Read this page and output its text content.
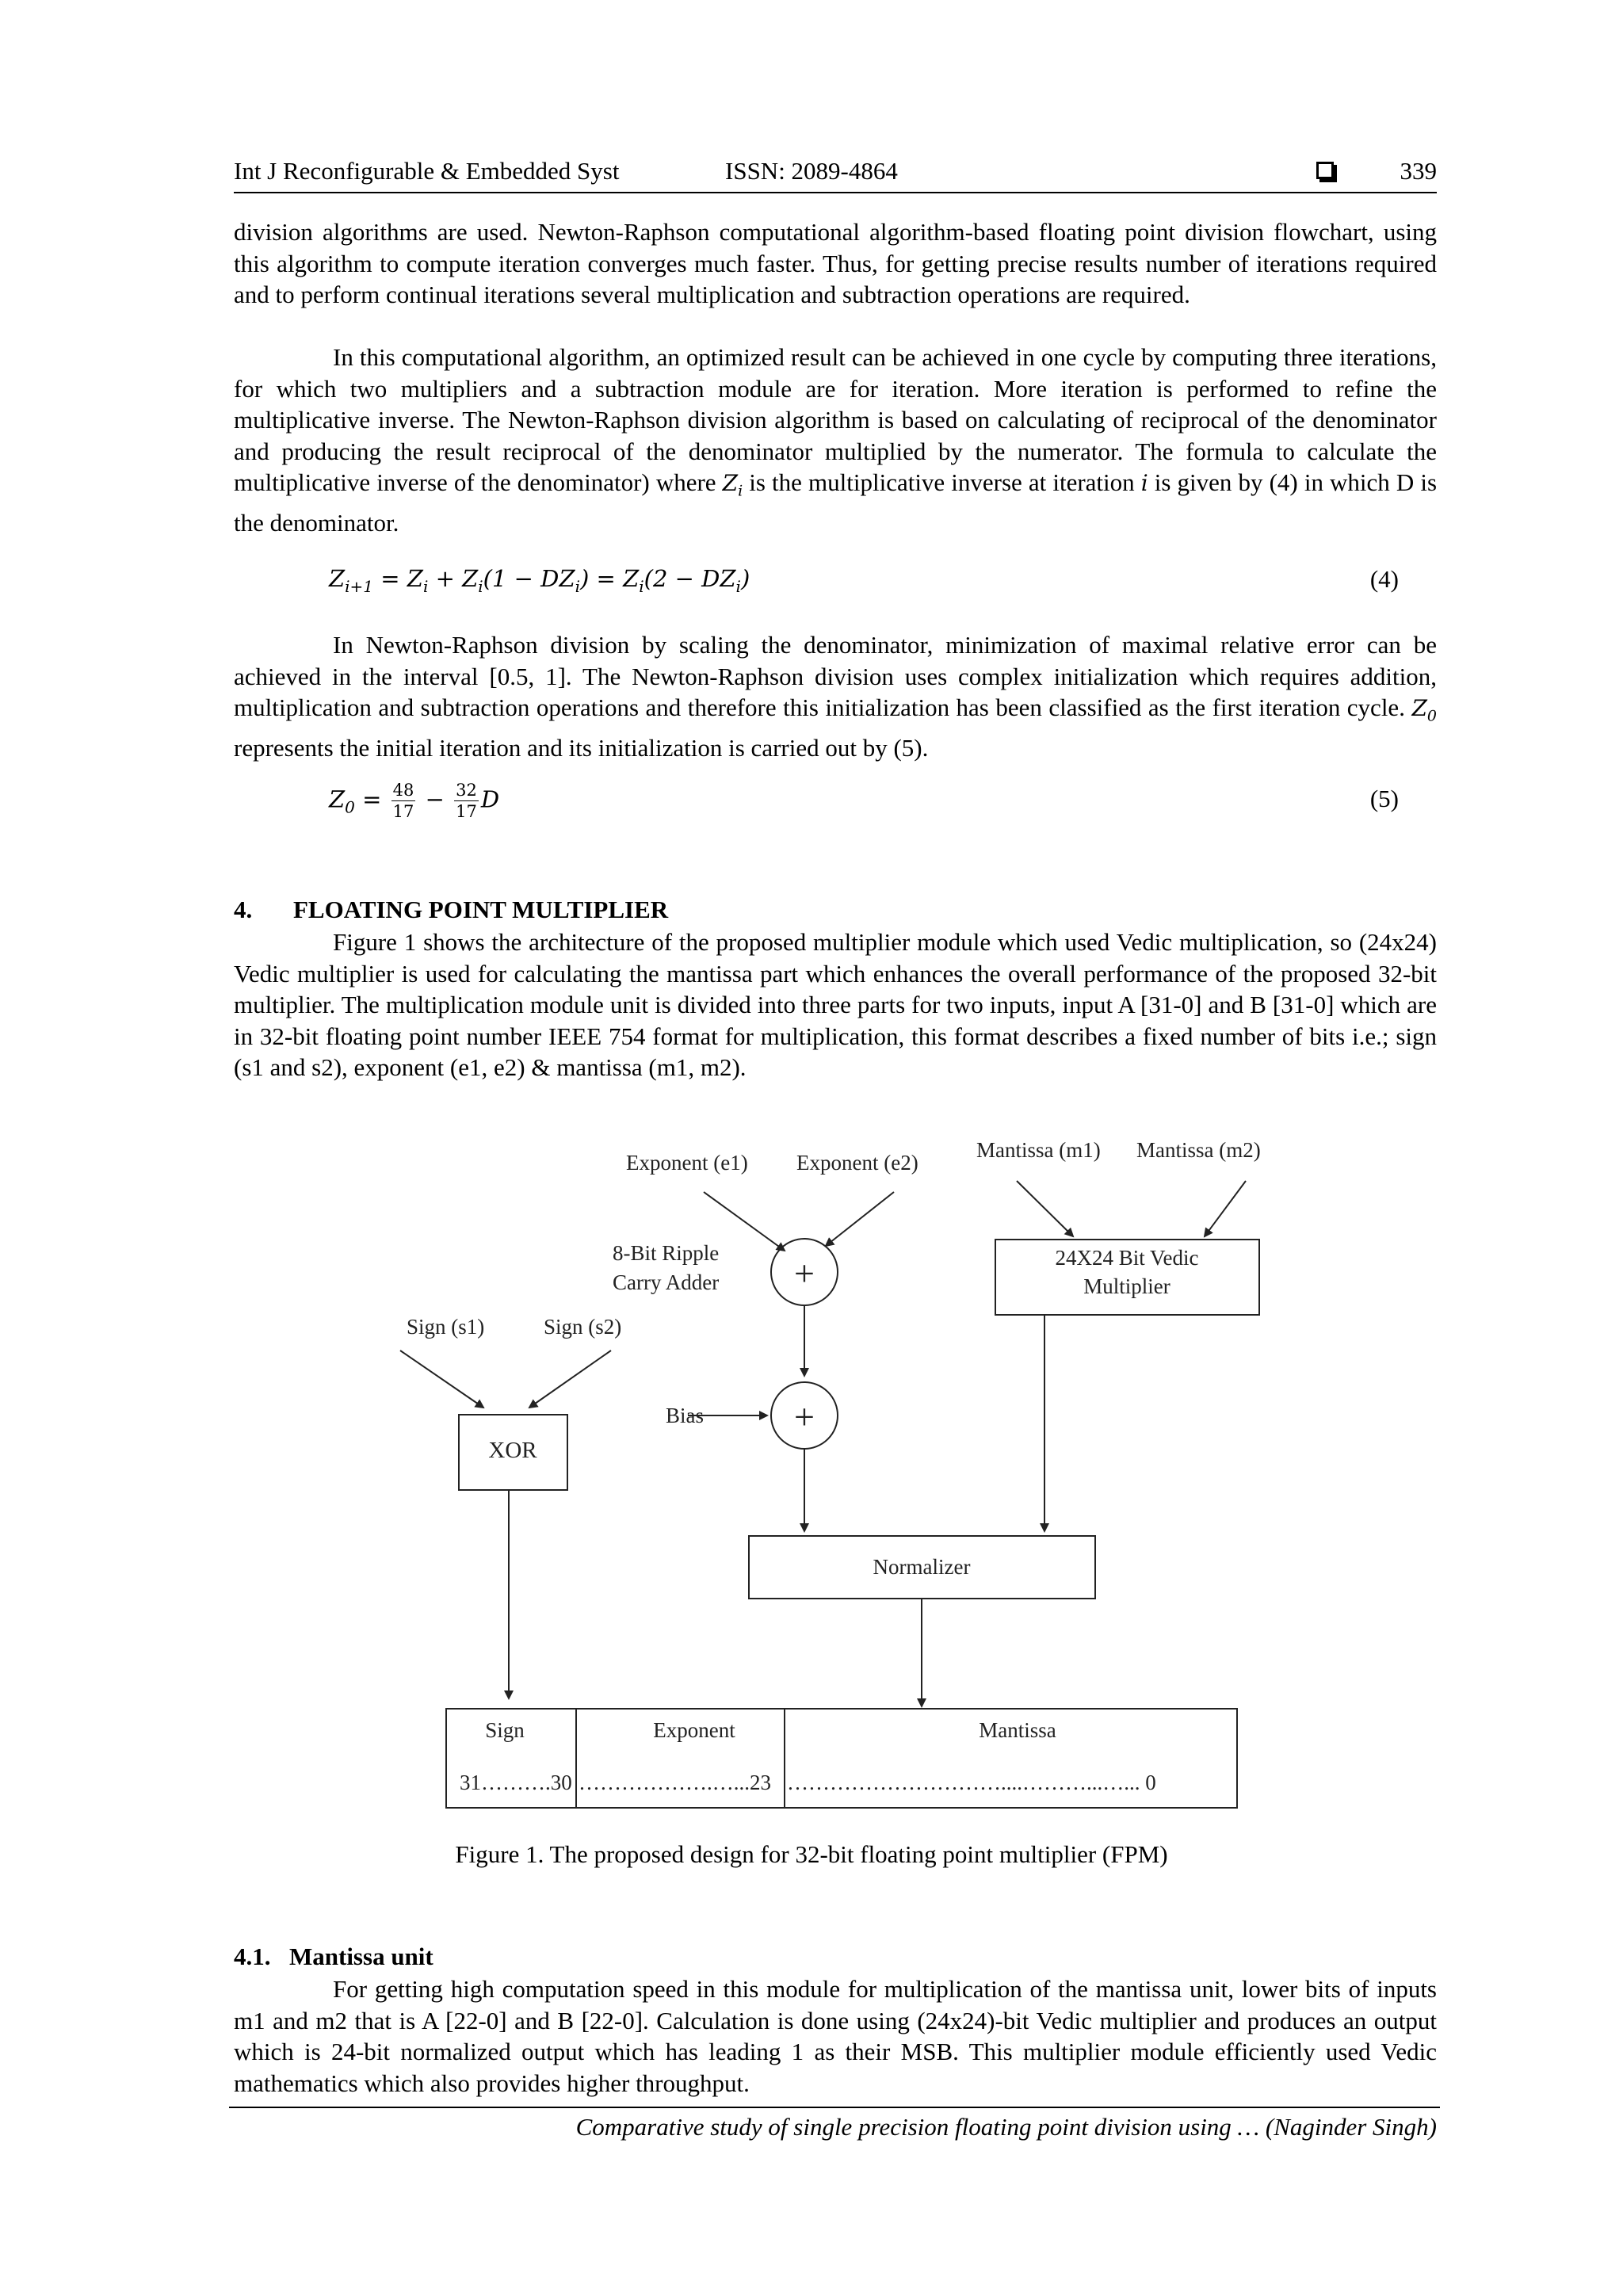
Int J Reconfigurable & Embedded Syst	ISSN: 2089-4864	339

division algorithms are used. Newton-Raphson computational algorithm-based floating point division flowchart, using this algorithm to compute iteration converges much faster. Thus, for getting precise results number of iterations required and to perform continual iterations several multiplication and subtraction operations are required.

In this computational algorithm, an optimized result can be achieved in one cycle by computing three iterations, for which two multipliers and a subtraction module are for iteration. More iteration is performed to refine the multiplicative inverse. The Newton-Raphson division algorithm is based on calculating of reciprocal of the denominator and producing the result reciprocal of the denominator multiplied by the numerator. The formula to calculate the multiplicative inverse of the denominator) where $Z_i$ is the multiplicative inverse at iteration i is given by (4) in which D is the denominator.

$Z_{i+1} = Z_i + Z_i(1 - DZ_i) = Z_i(2 - DZ_i)$	(4)

In Newton-Raphson division by scaling the denominator, minimization of maximal relative error can be achieved in the interval [0.5, 1]. The Newton-Raphson division uses complex initialization which requires addition, multiplication and subtraction operations and therefore this initialization has been classified as the first iteration cycle. $Z_0$ represents the initial iteration and its initialization is carried out by (5).

$Z_0 = \frac{48}{17} - \frac{32}{17}$ D	(5)
4. FLOATING POINT MULTIPLIER

Figure 1 shows the architecture of the proposed multiplier module which used Vedic multiplication, so (24x24) Vedic multiplier is used for calculating the mantissa part which enhances the overall performance of the proposed 32-bit multiplier. The multiplication module unit is divided into three parts for two inputs, input A [31-0] and B [31-0] which are in 32-bit floating point number IEEE 754 format for multiplication, this format describes a fixed number of bits i.e.; sign (s1 and s2), exponent (e1, e2) & mantissa (m1, m2).

Exponent (e1) Exponent (e2)
Mantissa (m1) Mantissa (m2)
8-Bit Ripple
Carry Adder +
+
24X24 Bit Vedic
Multiplier
Sign (s1)	Sign (s2)
Bias
XOR
Normalizer
Sign	Exponent	Mantissa
31……….30 ……………….…...23 …………………………....………...…... 0
Figure 1. The proposed design for 32-bit floating point multiplier (FPM)
4.1. Mantissa unit

For getting high computation speed in this module for multiplication of the mantissa unit, lower bits of inputs m1 and m2 that is A [22-0] and B [22-0]. Calculation is done using (24x24)-bit Vedic multiplier and produces an output which is 24-bit normalized output which has leading 1 as their MSB. This multiplier module efficiently used Vedic mathematics which also provides higher throughput.

Comparative study of single precision floating point division using … (Naginder Singh)
